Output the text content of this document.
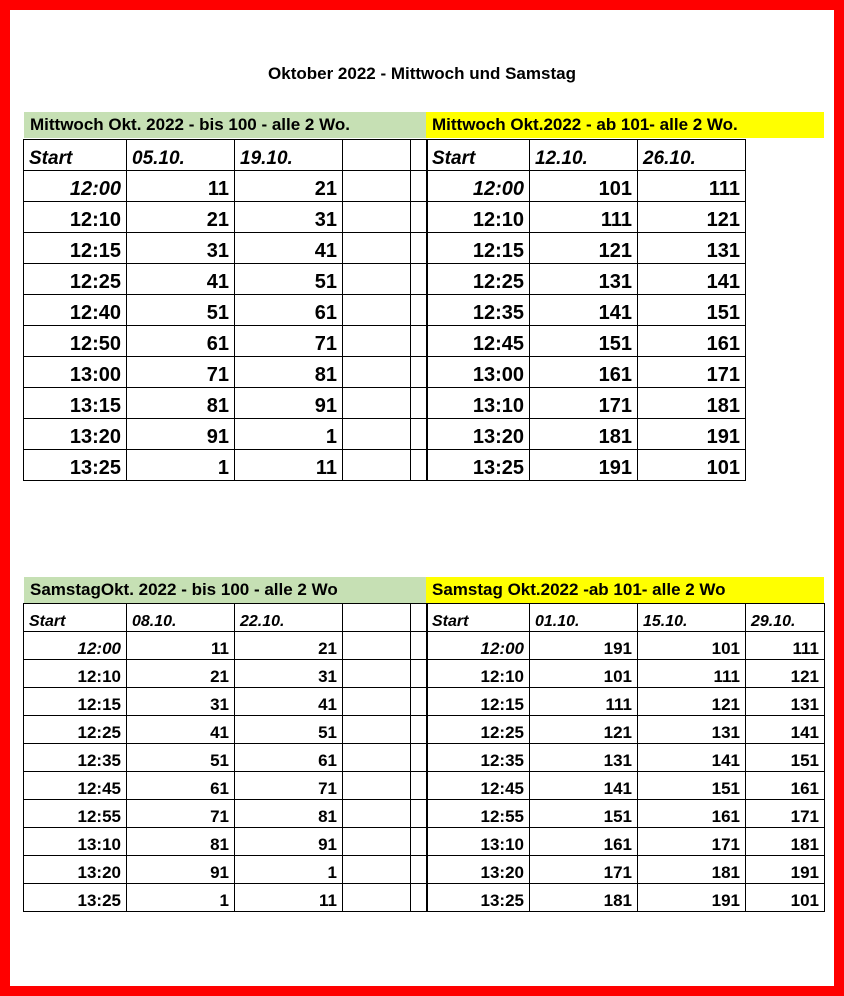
Oktober 2022 - Mittwoch und Samstag
Mittwoch Okt. 2022 - bis 100 - alle 2 Wo.	Mittwoch Okt.2022 - ab 101- alle 2 Wo.
Start	05.10.	19.10.		
12:00	11	21		
12:10	21	31		
12:15	31	41		
12:25	41	51		
12:40	51	61		
12:50	61	71		
13:00	71	81		
13:15	81	91		
13:20	91	1		
13:25	1	11		
Start	12.10.	26.10.
12:00	101	111
12:10	111	121
12:15	121	131
12:25	131	141
12:35	141	151
12:45	151	161
13:00	161	171
13:10	171	181
13:20	181	191
13:25	191	101
SamstagOkt. 2022 - bis 100 - alle 2 Wo	Samstag Okt.2022 -ab 101- alle 2 Wo
Start	08.10.	22.10.		
12:00	11	21		
12:10	21	31		
12:15	31	41		
12:25	41	51		
12:35	51	61		
12:45	61	71		
12:55	71	81		
13:10	81	91		
13:20	91	1		
13:25	1	11		
Start	01.10.	15.10.	29.10.
12:00	191	101	111
12:10	101	111	121
12:15	111	121	131
12:25	121	131	141
12:35	131	141	151
12:45	141	151	161
12:55	151	161	171
13:10	161	171	181
13:20	171	181	191
13:25	181	191	101
